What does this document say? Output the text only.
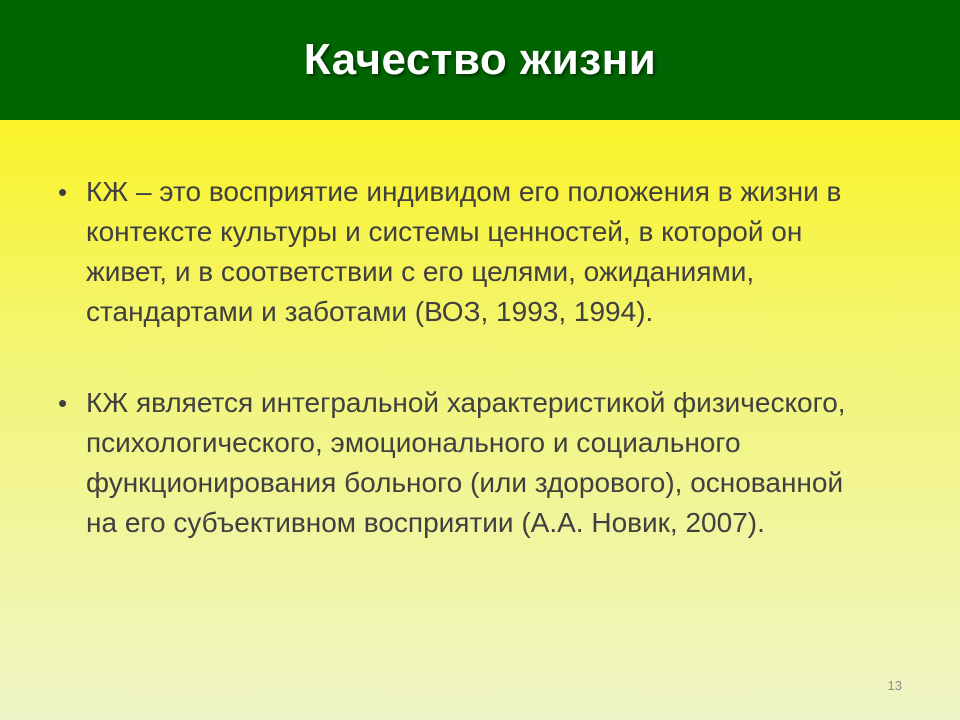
Качество жизни

• КЖ – это восприятие индивидом его положения в жизни в контексте культуры и системы ценностей, в которой он живет, и в соответствии с его целями, ожиданиями, стандартами и заботами (ВОЗ, 1993, 1994).

• КЖ является интегральной характеристикой физического, психологического, эмоционального и социального функционирования больного (или здорового), основанной на его субъективном восприятии (А.А. Новик, 2007).

13
